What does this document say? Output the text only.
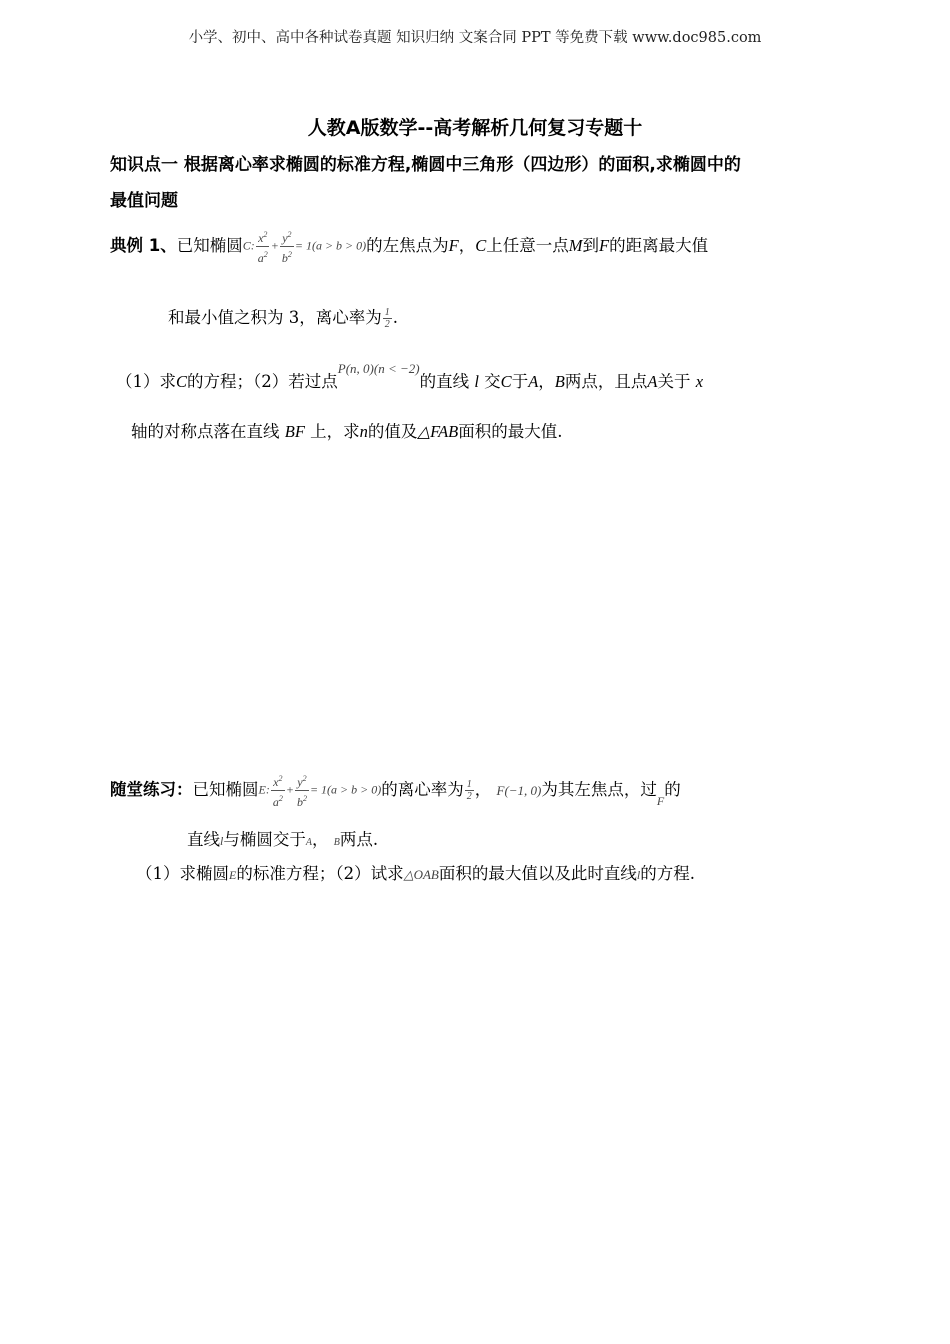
小学、初中、高中各种试卷真题 知识归纳 文案合同 PPT 等免费下载 www.doc985.com
人教A版数学--高考解析几何复习专题十
知识点一 根据离心率求椭圆的标准方程,椭圆中三角形（四边形）的面积,求椭圆中的
最值问题
典例 1、已知椭圆C: $\frac{x^2}{a^2} + \frac{y^2}{b^2} = 1(a > b > 0)$的左焦点为F，C上任意一点M到F的距离最大值
和最小值之积为 3，离心率为 $\frac{1}{2}$ .
（1）求C的方程；（2）若过点$^{P(n, 0)(n < -2)}$的直线 l 交C于A，B两点，且点A关于 x
轴的对称点落在直线 BF 上，求n的值及△FAB面积的最大值.
随堂练习：已知椭圆E: $\frac{x^2}{a^2} + \frac{y^2}{b^2} = 1(a > b > 0)$的离心率为 $\frac{1}{2}$ ， F(−1, 0)为其左焦点，过$_F$的
直线l与椭圆交于A， B两点.
（1）求椭圆E的标准方程；（2）试求△OAB面积的最大值以及此时直线l的方程.
